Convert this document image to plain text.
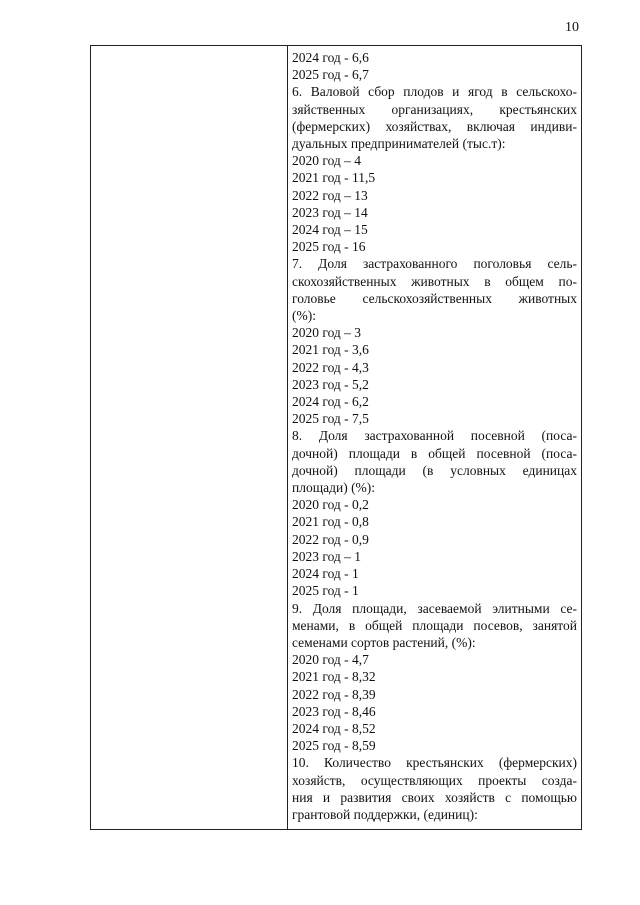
10
2024 год - 6,6
2025 год - 6,7
6. Валовой сбор плодов и ягод в сельскохо-
зяйственных организациях, крестьянских
(фермерских) хозяйствах, включая индиви-
дуальных предпринимателей (тыс.т):
2020 год – 4
2021 год - 11,5
2022 год – 13
2023 год – 14
2024 год – 15
2025 год - 16
7. Доля застрахованного поголовья сель-
скохозяйственных животных в общем по-
головье сельскохозяйственных животных
(%):
2020 год – 3
2021 год - 3,6
2022 год - 4,3
2023 год - 5,2
2024 год - 6,2
2025 год - 7,5
8. Доля застрахованной посевной (поса-
дочной) площади в общей посевной (поса-
дочной) площади (в условных единицах
площади) (%):
2020 год - 0,2
2021 год - 0,8
2022 год - 0,9
2023 год – 1
2024 год - 1
2025 год - 1
9. Доля площади, засеваемой элитными се-
менами, в общей площади посевов, занятой
семенами сортов растений, (%):
2020 год - 4,7
2021 год - 8,32
2022 год - 8,39
2023 год - 8,46
2024 год - 8,52
2025 год - 8,59
10. Количество крестьянских (фермерских)
хозяйств, осуществляющих проекты созда-
ния и развития своих хозяйств с помощью
грантовой поддержки, (единиц):
